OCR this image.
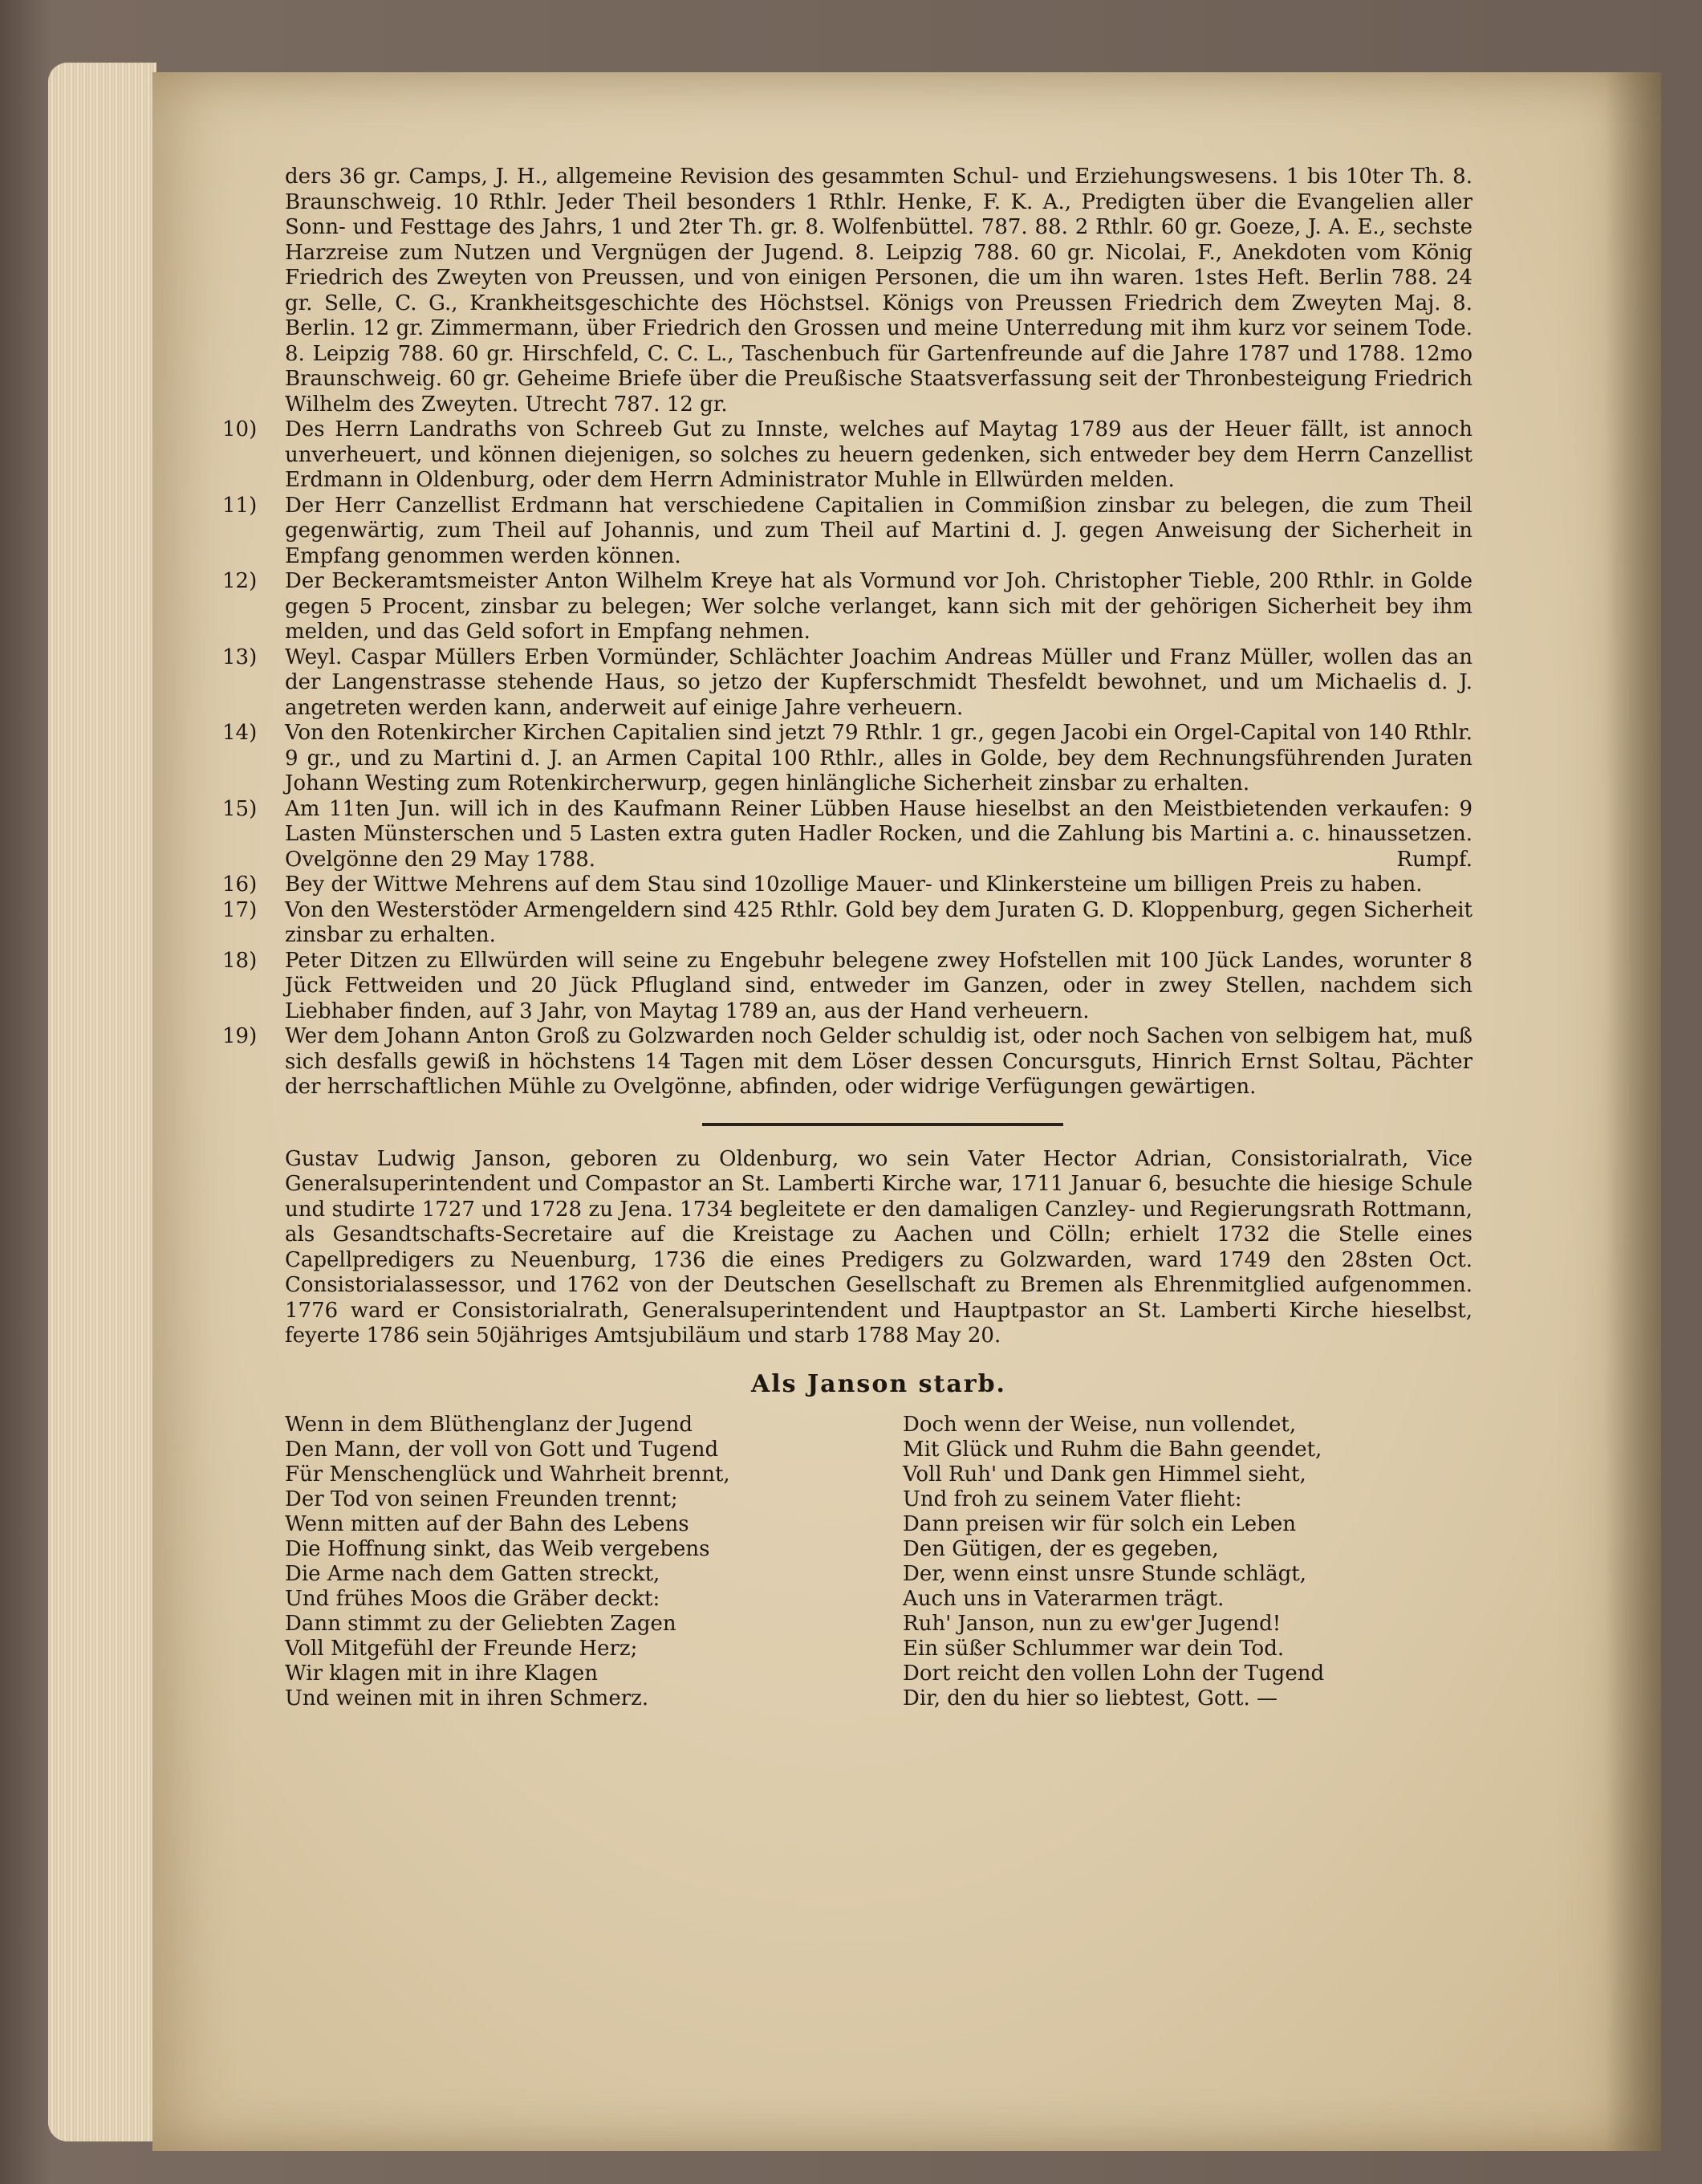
ders 36 gr. Camps, J. H., allgemeine Revision des gesammten Schul- und Erziehungswesens. 1 bis 10ter Th. 8. Braunschweig. 10 Rthlr. Jeder Theil besonders 1 Rthlr. Henke, F. K. A., Predigten über die Evangelien aller Sonn- und Festtage des Jahrs, 1 und 2ter Th. gr. 8. Wolfenbüttel. 787. 88. 2 Rthlr. 60 gr. Goeze, J. A. E., sechste Harzreise zum Nutzen und Vergnügen der Jugend. 8. Leipzig 788. 60 gr. Nicolai, F., Anekdoten vom König Friedrich des Zweyten von Preussen, und von einigen Personen, die um ihn waren. 1stes Heft. Berlin 788. 24 gr. Selle, C. G., Krankheitsgeschichte des Höchstsel. Königs von Preussen Friedrich dem Zweyten Maj. 8. Berlin. 12 gr. Zimmermann, über Friedrich den Grossen und meine Unterredung mit ihm kurz vor seinem Tode. 8. Leipzig 788. 60 gr. Hirschfeld, C. C. L., Taschenbuch für Gartenfreunde auf die Jahre 1787 und 1788. 12mo Braunschweig. 60 gr. Geheime Briefe über die Preußische Staatsverfassung seit der Thronbesteigung Friedrich Wilhelm des Zweyten. Utrecht 787. 12 gr.

10)	Des Herrn Landraths von Schreeb Gut zu Innste, welches auf Maytag 1789 aus der Heuer fällt, ist annoch unverheuert, und können diejenigen, so solches zu heuern gedenken, sich entweder bey dem Herrn Canzellist Erdmann in Oldenburg, oder dem Herrn Administrator Muhle in Ellwürden melden.
11)	Der Herr Canzellist Erdmann hat verschiedene Capitalien in Commißion zinsbar zu belegen, die zum Theil gegenwärtig, zum Theil auf Johannis, und zum Theil auf Martini d. J. gegen Anweisung der Sicherheit in Empfang genommen werden können.
12)	Der Beckeramtsmeister Anton Wilhelm Kreye hat als Vormund vor Joh. Christopher Tieble, 200 Rthlr. in Golde gegen 5 Procent, zinsbar zu belegen; Wer solche verlanget, kann sich mit der gehörigen Sicherheit bey ihm melden, und das Geld sofort in Empfang nehmen.
13)	Weyl. Caspar Müllers Erben Vormünder, Schlächter Joachim Andreas Müller und Franz Müller, wollen das an der Langenstrasse stehende Haus, so jetzo der Kupferschmidt Thesfeldt bewohnet, und um Michaelis d. J. angetreten werden kann, anderweit auf einige Jahre verheuern.
14)	Von den Rotenkircher Kirchen Capitalien sind jetzt 79 Rthlr. 1 gr., gegen Jacobi ein Orgel-Capital von 140 Rthlr. 9 gr., und zu Martini d. J. an Armen Capital 100 Rthlr., alles in Golde, bey dem Rechnungsführenden Juraten Johann Westing zum Rotenkircherwurp, gegen hinlängliche Sicherheit zinsbar zu erhalten.
15)	Am 11ten Jun. will ich in des Kaufmann Reiner Lübben Hause hieselbst an den Meistbietenden verkaufen: 9 Lasten Münsterschen und 5 Lasten extra guten Hadler Rocken, und die Zahlung bis Martini a. c. hinaussetzen. Ovelgönne den 29 May 1788.	Rumpf.
16)	Bey der Wittwe Mehrens auf dem Stau sind 10zollige Mauer- und Klinkersteine um billigen Preis zu haben.
17)	Von den Westerstöder Armengeldern sind 425 Rthlr. Gold bey dem Juraten G. D. Kloppenburg, gegen Sicherheit zinsbar zu erhalten.
18)	Peter Ditzen zu Ellwürden will seine zu Engebuhr belegene zwey Hofstellen mit 100 Jück Landes, worunter 8 Jück Fettweiden und 20 Jück Pflugland sind, entweder im Ganzen, oder in zwey Stellen, nachdem sich Liebhaber finden, auf 3 Jahr, von Maytag 1789 an, aus der Hand verheuern.
19)	Wer dem Johann Anton Groß zu Golzwarden noch Gelder schuldig ist, oder noch Sachen von selbigem hat, muß sich desfalls gewiß in höchstens 14 Tagen mit dem Löser dessen Concursguts, Hinrich Ernst Soltau, Pächter der herrschaftlichen Mühle zu Ovelgönne, abfinden, oder widrige Verfügungen gewärtigen.

Gustav Ludwig Janson, geboren zu Oldenburg, wo sein Vater Hector Adrian, Consistorialrath, Vice Generalsuperintendent und Compastor an St. Lamberti Kirche war, 1711 Januar 6, besuchte die hiesige Schule und studirte 1727 und 1728 zu Jena. 1734 begleitete er den damaligen Canzley- und Regierungsrath Rottmann, als Gesandtschafts-Secretaire auf die Kreistage zu Aachen und Cölln; erhielt 1732 die Stelle eines Capellpredigers zu Neuenburg, 1736 die eines Predigers zu Golzwarden, ward 1749 den 28sten Oct. Consistorialassessor, und 1762 von der Deutschen Gesellschaft zu Bremen als Ehrenmitglied aufgenommen. 1776 ward er Consistorialrath, Generalsuperintendent und Hauptpastor an St. Lamberti Kirche hieselbst, feyerte 1786 sein 50jähriges Amtsjubiläum und starb 1788 May 20.

Als Janson starb.

Wenn in dem Blüthenglanz der Jugend

Den Mann, der voll von Gott und Tugend

Für Menschenglück und Wahrheit brennt,

Der Tod von seinen Freunden trennt;

Wenn mitten auf der Bahn des Lebens

Die Hoffnung sinkt, das Weib vergebens

Die Arme nach dem Gatten streckt,

Und frühes Moos die Gräber deckt:

Dann stimmt zu der Geliebten Zagen

Voll Mitgefühl der Freunde Herz;

Wir klagen mit in ihre Klagen

Und weinen mit in ihren Schmerz.

Doch wenn der Weise, nun vollendet,

Mit Glück und Ruhm die Bahn geendet,

Voll Ruh' und Dank gen Himmel sieht,

Und froh zu seinem Vater flieht:

Dann preisen wir für solch ein Leben

Den Gütigen, der es gegeben,

Der, wenn einst unsre Stunde schlägt,

Auch uns in Vaterarmen trägt.

Ruh' Janson, nun zu ew'ger Jugend!

Ein süßer Schlummer war dein Tod.

Dort reicht den vollen Lohn der Tugend

Dir, den du hier so liebtest, Gott. —
